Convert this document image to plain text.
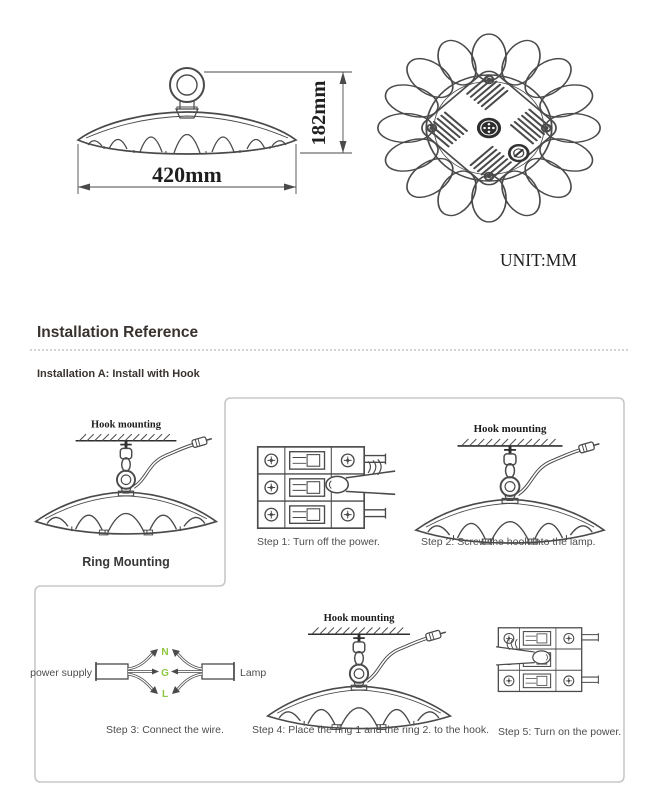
Hook mounting
420mm
182mm
UNIT:MM
Installation Reference
Installation A: Install with Hook
Ring Mounting
Step 1: Turn off the power.	Step 2: Screw the hook into the lamp.
power supply	Lamp
N
G
L
Step 3: Connect the wire.	Step 4: Place the ring 1 and the ring 2. to the hook. Step 5: Turn on the power.
